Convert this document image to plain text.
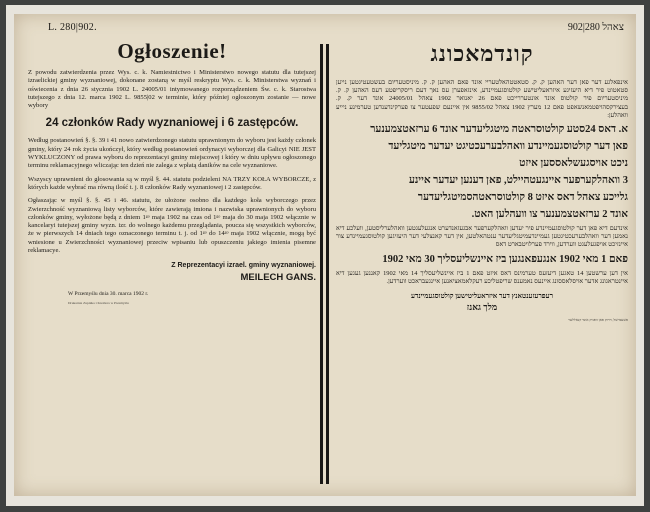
L. 280|902.
Ogłoszenie!

Z powodu zatwierdzenia przez Wys. c. k. Namiestnictwo i Ministerstwo nowego statutu dla tutejszej izraelickiej gminy wyznaniowej, dokonane zostaną w myśl reskryptu Wys. c. k. Ministerstwa wyznań i oświecenia z dnia 26 stycznia 1902 L. 24005/01 intymowanego rozporządzeniem Św. c. k. Starostwa tutejszego z dnia 12. marca 1902 L. 9855|02 w terminie, który później ogłoszonym zostanie — nowe wybory

24 członków Rady wyznaniowej i 6 zastępców.

Według postanowień §. §. 39 i 41 nowo zatwierdzonego statutu uprawnionym do wyboru jest każdy członek gminy, który 24 rok życia ukończył, który według postanowień ordynacyi wyborczej dla Galicyi NIE JEST WYKLUCZONY od prawa wyboru do reprezentacyi gminy miejscowej i który w dniu upływu ogłoszonego terminu reklamacyjnego wliczając ten dzień nie zalega z wpłatą daników na cele wyznaniowe.

Wszyscy uprawnieni do głosowania są w myśl §. 44. statutu podzieleni NA TRZY KOŁA WYBORCZE, z których każde wybrać ma równą ilość t. j. 8 członków Rady wyznaniowej i 2 zastępców.

Ogłaszając w myśl §. §. 45 i 46. statutu, że ułożone osobno dla każdego koła wyborczego przez Zwierzchność wyznaniową listy wyborców, które zawierają imiona i nazwiska uprawnionych do wyboru członków gminy, wyłożone będą z dniem 1ᵍᵒ maja 1902 na czas od 1ᵍᵒ maja do 30 maja 1902 włącznie w kancelaryi tutejszej gminy wyzn. izr. do wolnego każdemu przeglądania, poucza się wszystkich wyborców, że w pierwszych 14 dniach tego oznaczonego terminu t. j. od 1ᵍᵒ do 14ᵍᵒ maja 1902 włącznie, mogą być wniesione u Zwierzchności wyznaniowej przeciw wpisaniu lub opuszczeniu jakiego imienia pisemne reklamacye.

Z Reprezentacyi izrael. gminy wyznaniowej.
MEILECH GANS.
W Przemyślu dnia 30. marca 1902 r.
Drukarnia Zupnika i Knollera w Przemyślu
צאהל 280|902
קונדמאכונג

אינפאלגע דער פאן דער האהען ק. ק. סטאטטהאלטעריי אונד פאם האהען ק. ק. מיניסטעריום בעשטעטיגטען נייען סטאטוט פיר דיא היעזיגע איזראעליטישע קולטוסגעמיינדע, אינזאפערן עס נאך דעם ריסקריפטע דעס האהען ק. ק. מיניסטעריום פיר קולטוס אונד אונטעררייכט פאם 26 יאנואר 1902 צאהל 24005/01 אונד דער ק. ק. בעצירקסהויפטמאנשאפט פאם 12 מערץ 1902 צאהל 9855/02 אין איינעם שפעטער צו פערקינדענדען טערמינע ניייע וואהלען:

א. דאס 24סטע קולטוסראטה מיטגליעדער אונד 6 ערזאטצמענער
פאן דער קולטוסגעמיינדע וואהלבערעכטיגט יעדער מיטגליעד
ניכט אויסגעשלאססען איזט
3 וואהלקערפער איינגעטהיילט, פאן דענען יעדער איינע
גלייכע צאהל דאס איזט 8 קולטוסראטהסמיטגליעדער
אונד 2 ערזאטצמענער צו וועהלען האט.

אינדעם דיא פאן דער קולטוסגעמיינדע פיר יעדען וואהלקערפער אבגעזאנדערט אנגעלעגטען וואהלערליסטען, וועלכע דיא נאמען דער וואהלבערעכטיגטען געמיינדעמיטגליעדער ענטהאלטען, אין דער קאנצלעי דער היעזיגען קולטוסגעמיינדע צור איינזיכט אויפגעלעגט ווערדען, ווירד פערלויטבארט דאס

פאם 1 מאי 1902 אנגעפאנגען ביז איינשליעסליך 30 מאי 1902

אין דען ערשטען 14 טאגען דיעזעס טערמינס דאס איזט פאם 1 ביז איינשליעסליך 14 מאי 1902 קאננען געגען דיא איינטראגונג אדער אויסלאססונג איינעס נאמענס שריפטליכע רעקלאמאציאנען איינגעבראכט ווערדען.

רעפרעזענטאנץ דער איזראעליטישען קולטוסגעמיינדע
מלך גאנז
פשעמישל, דרוק פאן זופניק אונד קנאללער
